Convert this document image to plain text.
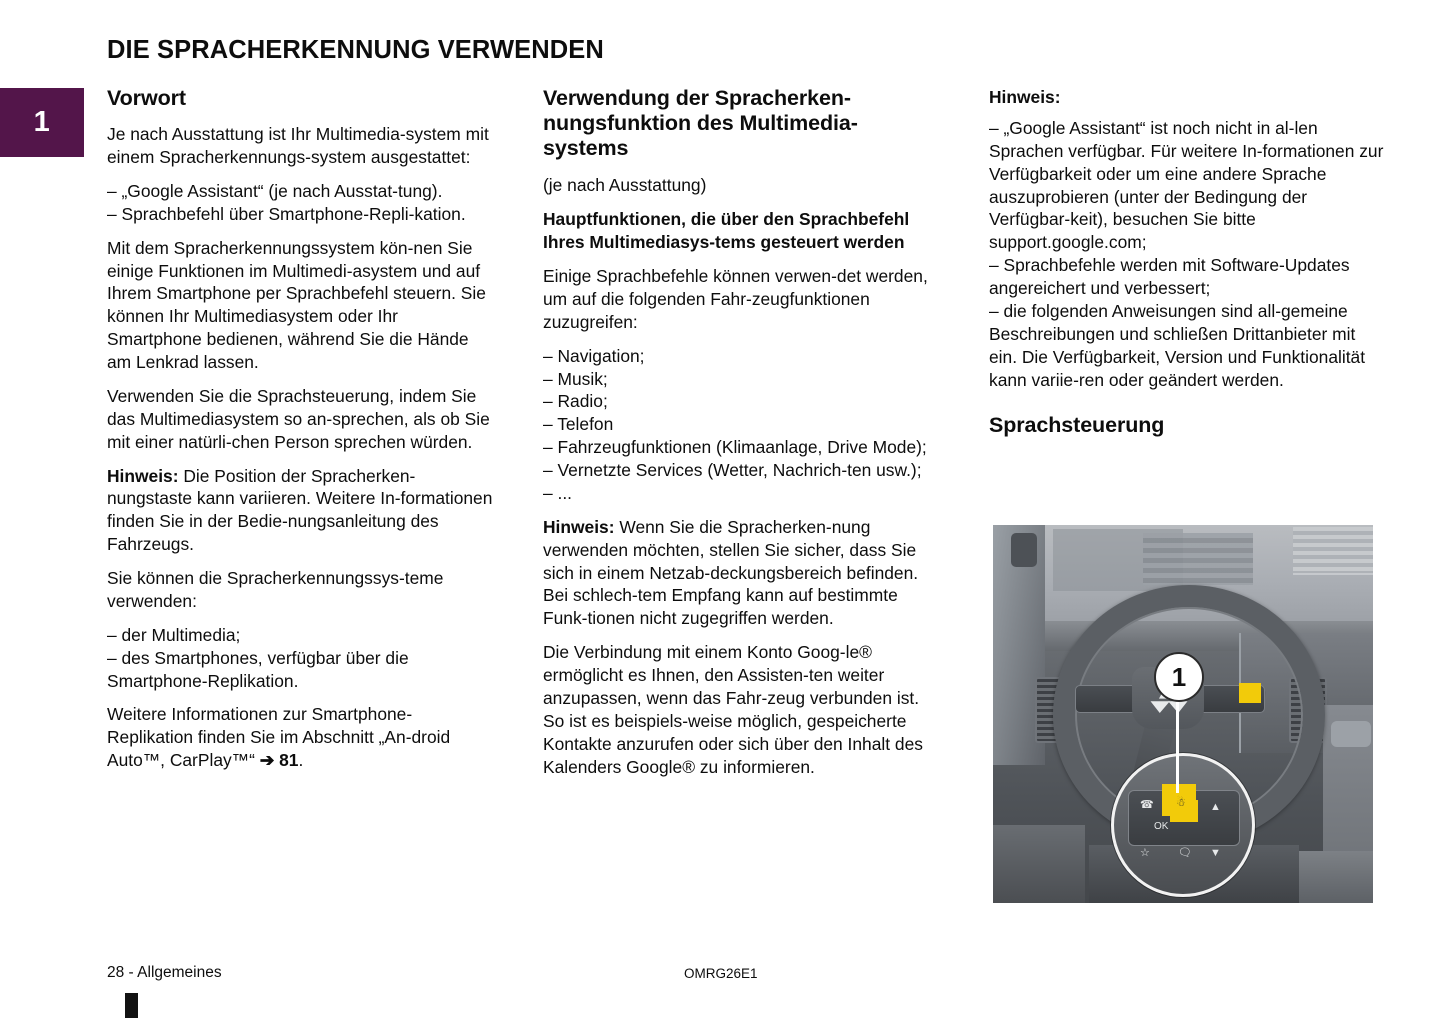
1
DIE SPRACHERKENNUNG VERWENDEN
Vorwort

Je nach Ausstattung ist Ihr Multimedia-system mit einem Spracherkennungs-system ausgestattet:

– „Google Assistant“ (je nach Ausstat-tung).

– Sprachbefehl über Smartphone-Repli-kation.

Mit dem Spracherkennungssystem kön-nen Sie einige Funktionen im Multimedi-asystem und auf Ihrem Smartphone per Sprachbefehl steuern. Sie können Ihr Multimediasystem oder Ihr Smartphone bedienen, während Sie die Hände am Lenkrad lassen.

Verwenden Sie die Sprachsteuerung, indem Sie das Multimediasystem so an-sprechen, als ob Sie mit einer natürli-chen Person sprechen würden.

Hinweis: Die Position der Spracherken-nungstaste kann variieren. Weitere In-formationen finden Sie in der Bedie-nungsanleitung des Fahrzeugs.

Sie können die Spracherkennungssys-teme verwenden:

– der Multimedia;

– des Smartphones, verfügbar über die Smartphone-Replikation.

Weitere Informationen zur Smartphone-Replikation finden Sie im Abschnitt „An-droid Auto™, CarPlay™“ ➔ 81.

Verwendung der Spracherken-nungsfunktion des Multimedia-systems

(je nach Ausstattung)

Hauptfunktionen, die über den Sprachbefehl Ihres Multimediasys-tems gesteuert werden

Einige Sprachbefehle können verwen-det werden, um auf die folgenden Fahr-zeugfunktionen zuzugreifen:

– Navigation;

– Musik;

– Radio;

– Telefon

– Fahrzeugfunktionen (Klimaanlage, Drive Mode);

– Vernetzte Services (Wetter, Nachrich-ten usw.);

– ...

Hinweis: Wenn Sie die Spracherken-nung verwenden möchten, stellen Sie sicher, dass Sie sich in einem Netzab-deckungsbereich befinden. Bei schlech-tem Empfang kann auf bestimmte Funk-tionen nicht zugegriffen werden.

Die Verbindung mit einem Konto Goog-le® ermöglicht es Ihnen, den Assisten-ten weiter anzupassen, wenn das Fahr-zeug verbunden ist. So ist es beispiels-weise möglich, gespeicherte Kontakte anzurufen oder sich über den Inhalt des Kalenders Google® zu informieren.

Hinweis:

– „Google Assistant“ ist noch nicht in al-len Sprachen verfügbar. Für weitere In-formationen zur Verfügbarkeit oder um eine andere Sprache auszuprobieren (unter der Bedingung der Verfügbar-keit), besuchen Sie bitte support.google.com;

– Sprachbefehle werden mit Software-Updates angereichert und verbessert;

– die folgenden Anweisungen sind all-gemeine Beschreibungen und schließen Drittanbieter mit ein. Die Verfügbarkeit, Version und Funktionalität kann variie-ren oder geändert werden.

Sprachsteuerung
☎
OK
☆	🗨
▲
▼
☃
1
28 - Allgemeines	OMRG26E1
